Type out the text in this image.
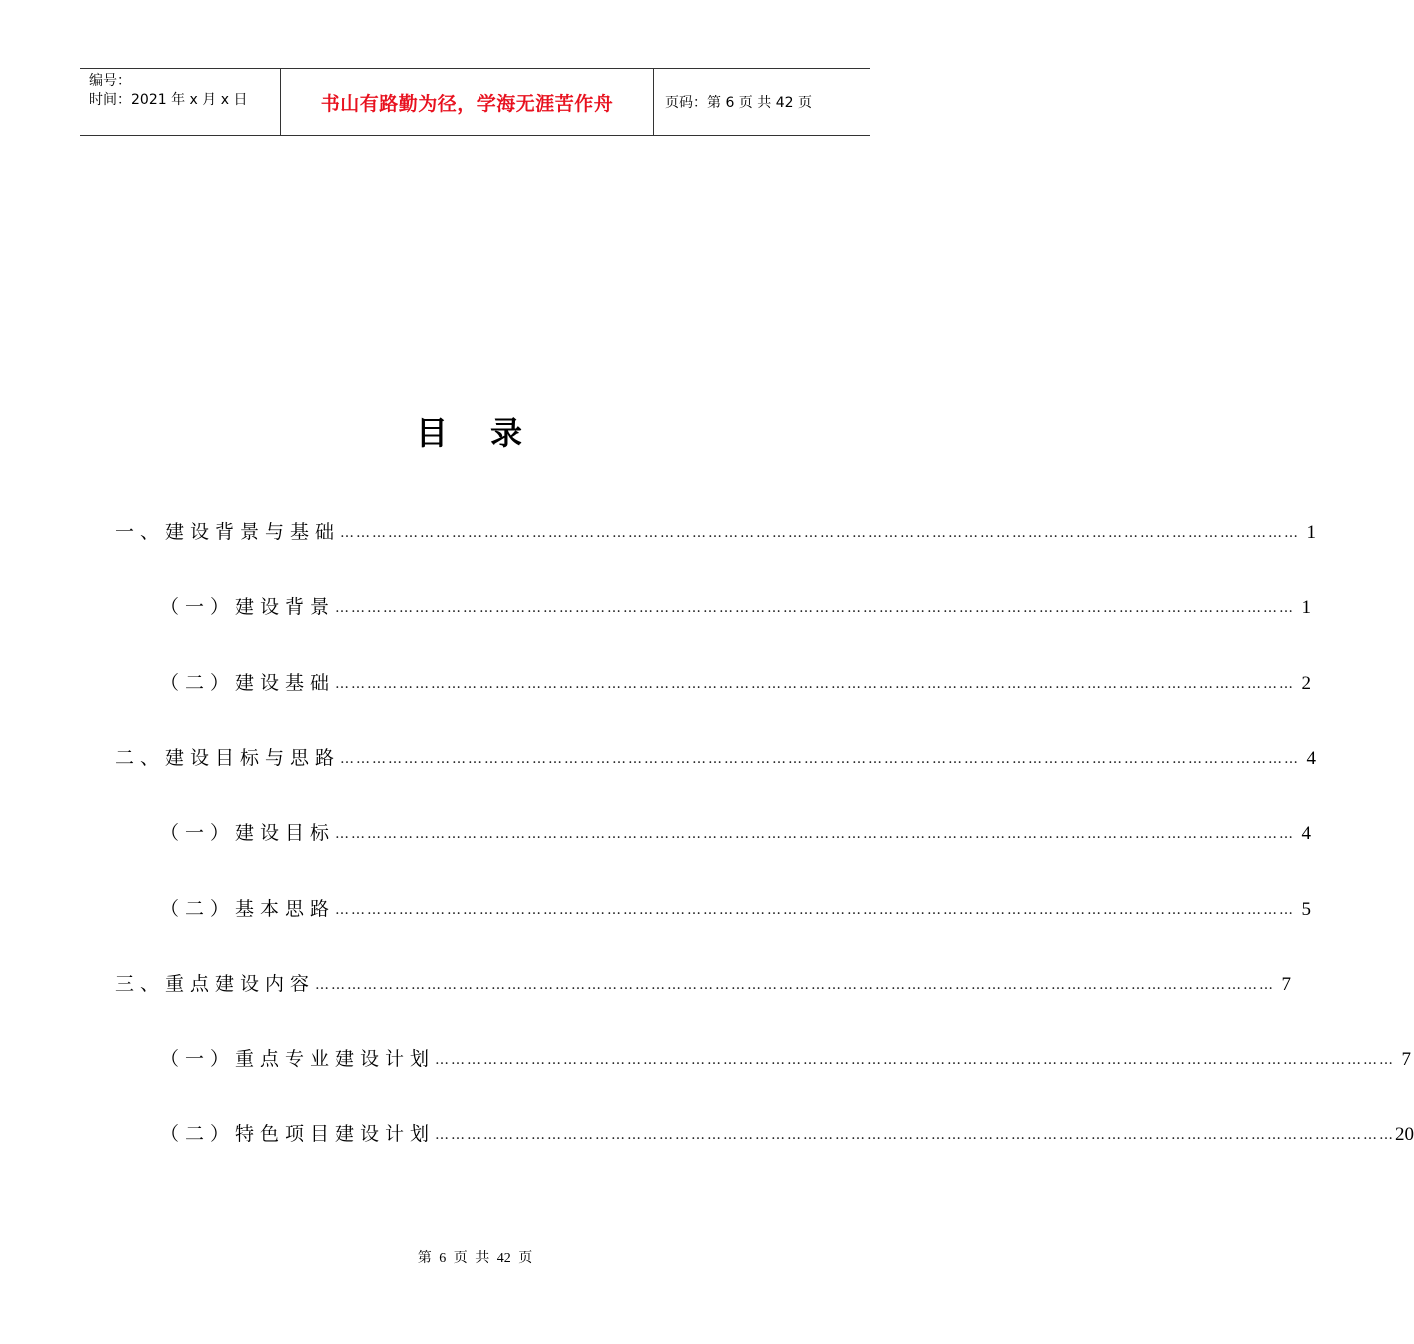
编号：
时间：2021 年 x 月 x 日	书山有路勤为径，学海无涯苦作舟	页码：第 6 页 共 42 页
目录
一、建设背景与基础 ……………………………………………………………………………………………………………………………………………………………… 1
（一）建设背景 ……………………………………………………………………………………………………………………………………………………………… 1
（二）建设基础 ……………………………………………………………………………………………………………………………………………………………… 2
二、建设目标与思路 ……………………………………………………………………………………………………………………………………………………………… 4
（一）建设目标 ……………………………………………………………………………………………………………………………………………………………… 4
（二）基本思路 ……………………………………………………………………………………………………………………………………………………………… 5
三、重点建设内容 ……………………………………………………………………………………………………………………………………………………………… 7
（一）重点专业建设计划 ……………………………………………………………………………………………………………………………………………………………… 7
（二）特色项目建设计划 ……………………………………………………………………………………………………………………………………………………………… 20
第 6 页 共 42 页
